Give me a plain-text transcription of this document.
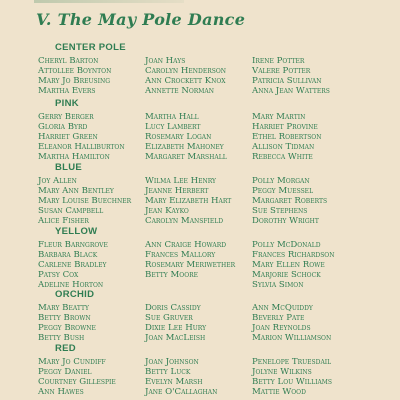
V. The May Pole Dance
CENTER POLE
Cheryl Barton
Attollee Boynton
Mary Jo Breusing
Martha Evers
Joan Hays
Carolyn Henderson
Ann Crockett Knox
Annette Norman
Irene Potter
Valere Potter
Patricia Sullivan
Anna Jean Watters
PINK
Gerry Berger
Gloria Byrd
Harriet Green
Eleanor Halliburton
Martha Hamilton
Martha Hall
Lucy Lambert
Rosemary Logan
Elizabeth Mahoney
Margaret Marshall
Mary Martin
Harriet Provine
Ethel Robertson
Allison Tidman
Rebecca White
BLUE
Joy Allen
Mary Ann Bentley
Mary Louise Buechner
Susan Campbell
Alice Fisher
Wilma Lee Henry
Jeanne Herbert
Mary Elizabeth Hart
Jean Kayko
Carolyn Mansfield
Polly Morgan
Peggy Muessel
Margaret Roberts
Sue Stephens
Dorothy Wright
YELLOW
Fleur Barngrove
Barbara Black
Carlene Bradley
Patsy Cox
Adeline Horton
Ann Craige Howard
Frances Mallory
Rosemary Meriwether
Betty Moore
Polly McDonald
Frances Richardson
Mary Ellen Rowe
Marjorie Schock
Sylvia Simon
ORCHID
Mary Beatty
Betty Brown
Peggy Browne
Betty Bush
Doris Cassidy
Sue Gruver
Dixie Lee Hury
Joan MacLeish
Ann McQuiddy
Beverly Pate
Joan Reynolds
Marion Williamson
RED
Mary Jo Cundiff
Peggy Daniel
Courtney Gillespie
Ann Hawes
Joan Johnson
Betty Luck
Evelyn Marsh
Jane O'Callaghan
Penelope Truesdail
Jolyne Wilkins
Betty Lou Williams
Mattie Wood
